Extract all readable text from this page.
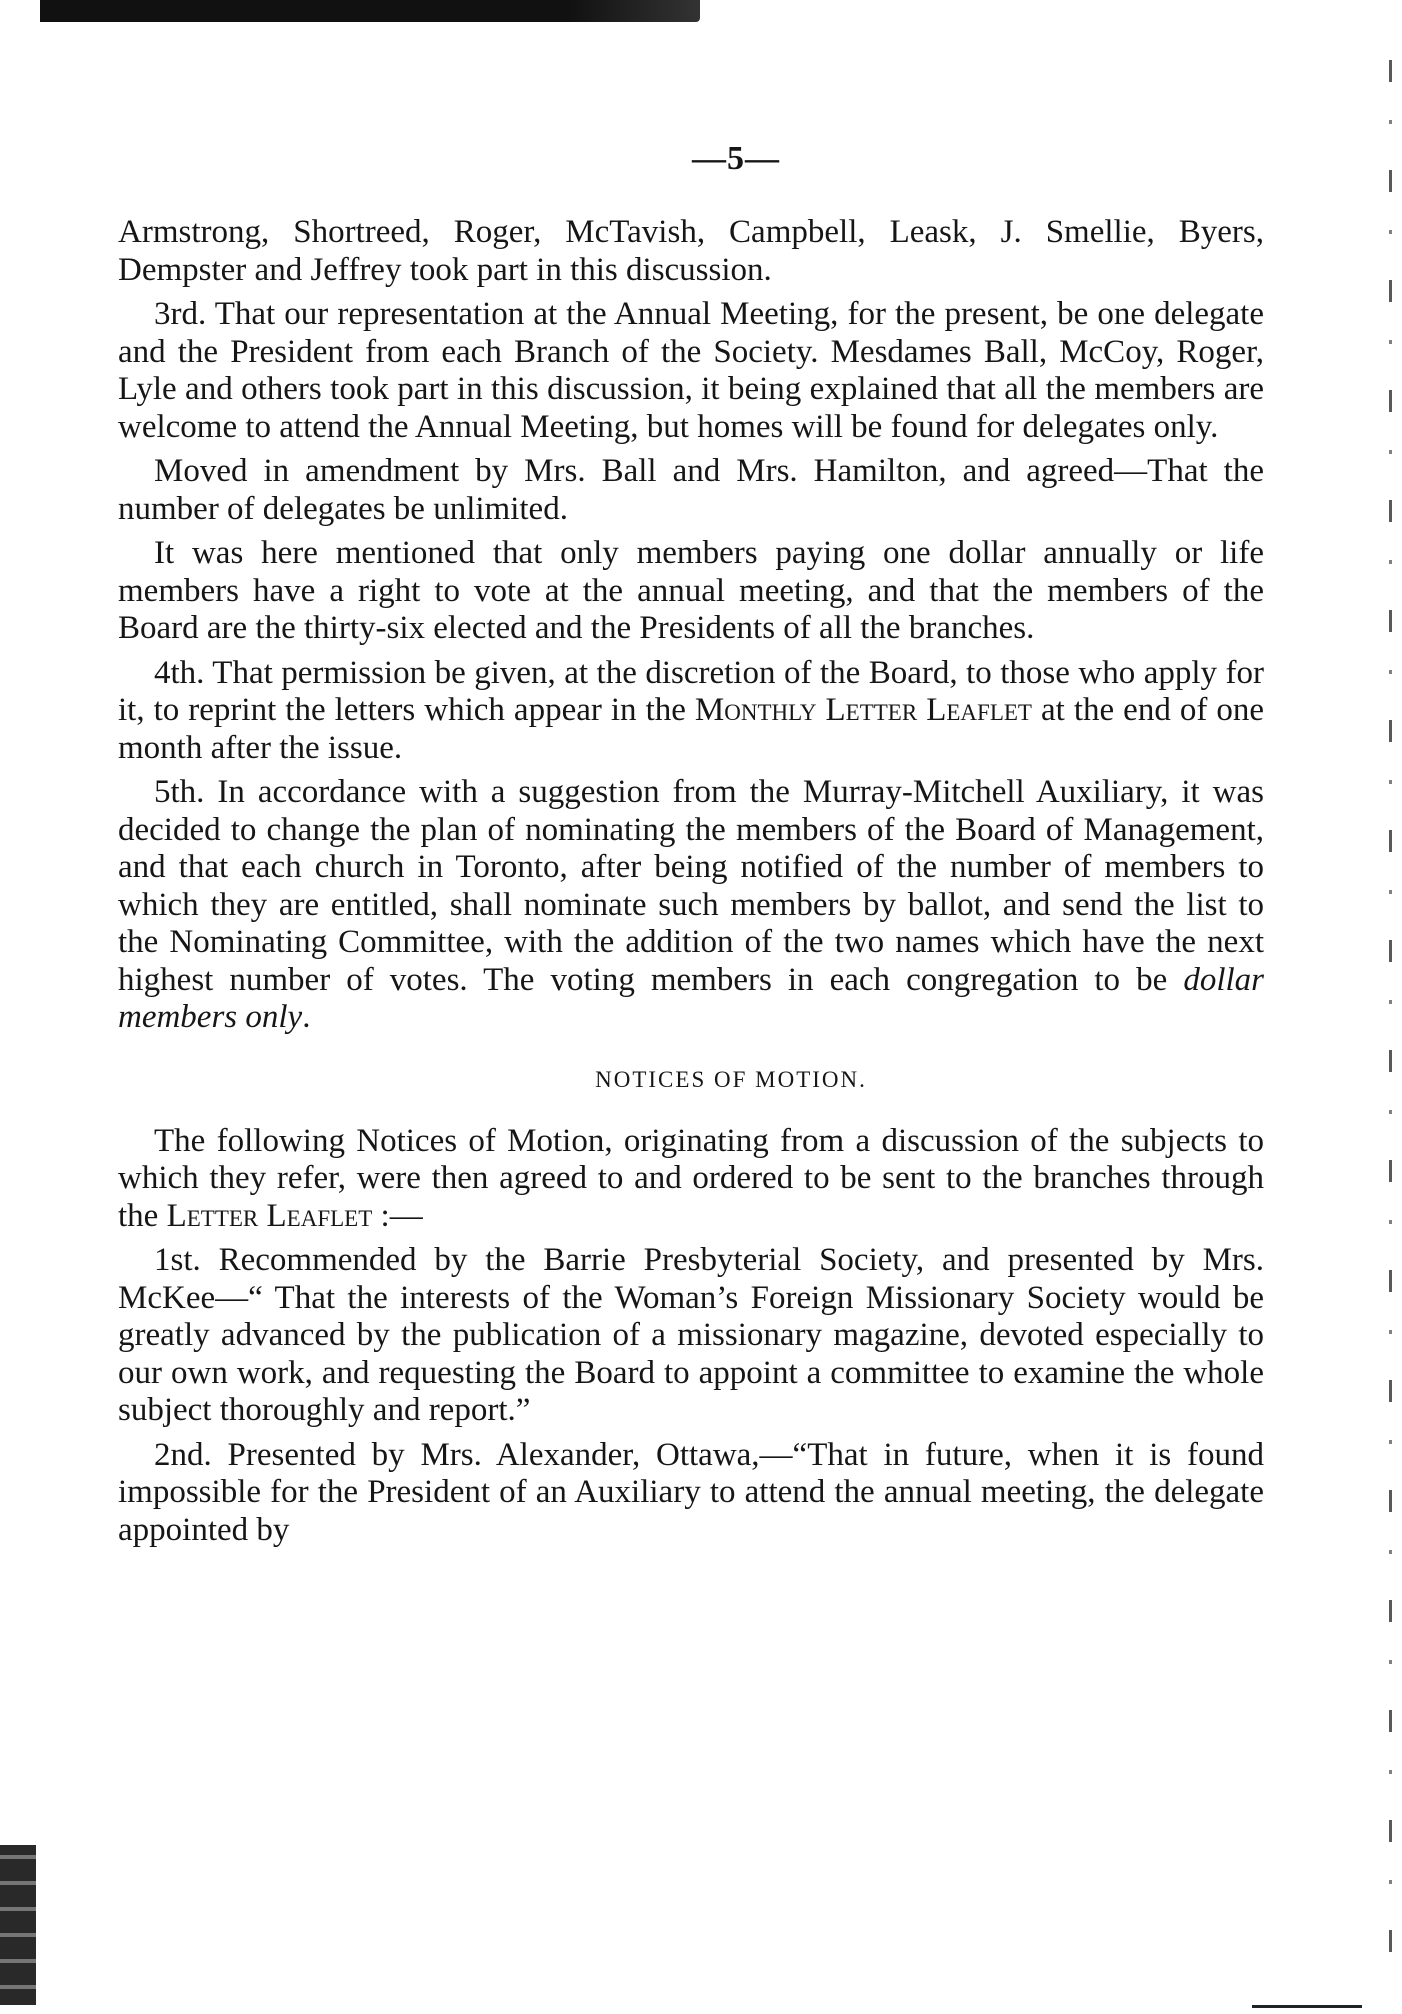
—5—

Armstrong, Shortreed, Roger, McTavish, Campbell, Leask, J. Smellie, Byers, Dempster and Jeffrey took part in this discussion.

3rd. That our representation at the Annual Meeting, for the present, be one delegate and the President from each Branch of the Society. Mesdames Ball, McCoy, Roger, Lyle and others took part in this discussion, it being explained that all the members are welcome to attend the Annual Meeting, but homes will be found for delegates only.

Moved in amendment by Mrs. Ball and Mrs. Hamilton, and agreed—That the number of delegates be unlimited.

It was here mentioned that only members paying one dollar annually or life members have a right to vote at the annual meeting, and that the members of the Board are the thirty-six elected and the Presidents of all the branches.

4th. That permission be given, at the discretion of the Board, to those who apply for it, to reprint the letters which appear in the Monthly Letter Leaflet at the end of one month after the issue.

5th. In accordance with a suggestion from the Murray-Mitchell Auxiliary, it was decided to change the plan of nominating the members of the Board of Management, and that each church in Toronto, after being notified of the number of members to which they are entitled, shall nominate such members by ballot, and send the list to the Nominating Committee, with the addition of the two names which have the next highest number of votes. The voting members in each congregation to be dollar members only.

NOTICES OF MOTION.

The following Notices of Motion, originating from a discussion of the subjects to which they refer, were then agreed to and ordered to be sent to the branches through the Letter Leaflet :—

1st. Recommended by the Barrie Presbyterial Society, and presented by Mrs. McKee—“ That the interests of the Woman’s Foreign Missionary Society would be greatly advanced by the publication of a missionary magazine, devoted especially to our own work, and requesting the Board to appoint a committee to examine the whole subject thoroughly and report.”

2nd. Presented by Mrs. Alexander, Ottawa,—“That in future, when it is found impossible for the President of an Auxiliary to attend the annual meeting, the delegate appointed by
